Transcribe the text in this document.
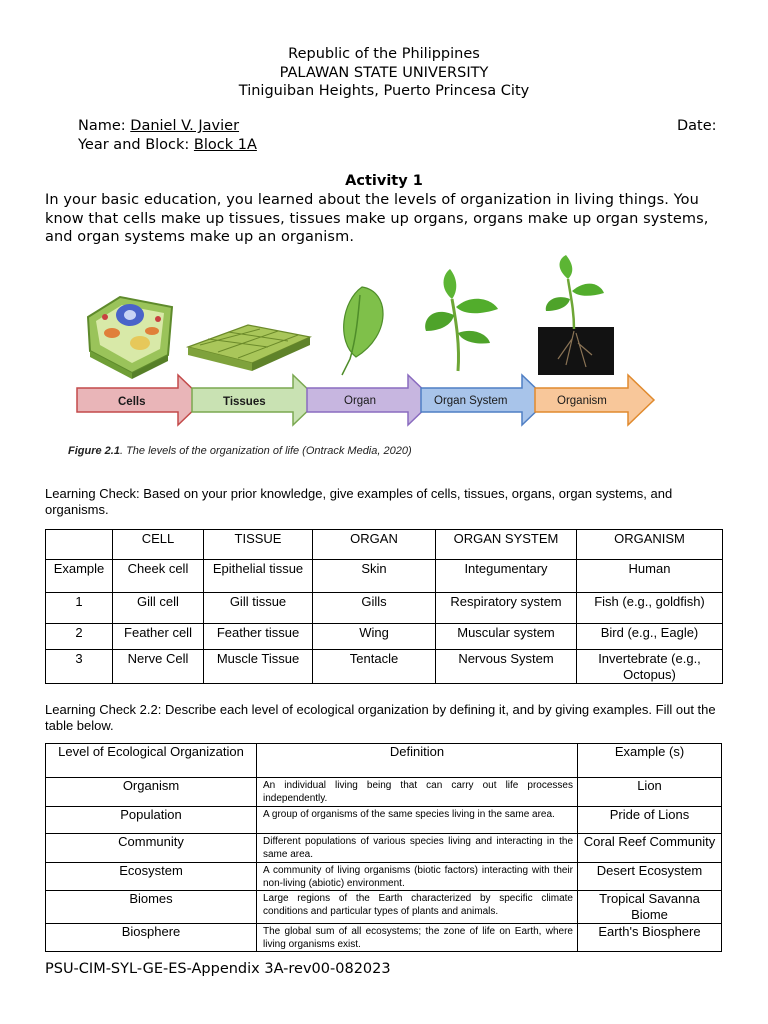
Republic of the Philippines
PALAWAN STATE UNIVERSITY
Tiniguiban Heights, Puerto Princesa City
Name: Daniel V. Javier	Date:
Year and Block: Block 1A
Activity 1
In your basic education, you learned about the levels of organization in living things. You know that cells make up tissues, tissues make up organs, organs make up organ systems, and organ systems make up an organism.
Cells	Tissues	Organ	Organ System	Organism
Figure 2.1. The levels of the organization of life (Ontrack Media, 2020)
Learning Check: Based on your prior knowledge, give examples of cells, tissues, organs, organ systems, and organisms.
	CELL	TISSUE	ORGAN	ORGAN SYSTEM	ORGANISM
Example	Cheek cell	Epithelial tissue	Skin	Integumentary	Human
1	Gill cell	Gill tissue	Gills	Respiratory system	Fish (e.g., goldfish)
2	Feather cell	Feather tissue	Wing	Muscular system	Bird (e.g., Eagle)
3	Nerve Cell	Muscle Tissue	Tentacle	Nervous System	Invertebrate (e.g., Octopus)
Learning Check 2.2: Describe each level of ecological organization by defining it, and by giving examples. Fill out the table below.
Level of Ecological Organization	Definition	Example (s)
Organism	An individual living being that can carry out life processes independently.	Lion
Population	A group of organisms of the same species living in the same area.	Pride of Lions
Community	Different populations of various species living and interacting in the same area.	Coral Reef Community
Ecosystem	A community of living organisms (biotic factors) interacting with their non-living (abiotic) environment.	Desert Ecosystem
Biomes	Large regions of the Earth characterized by specific climate conditions and particular types of plants and animals.	Tropical Savanna Biome
Biosphere	The global sum of all ecosystems; the zone of life on Earth, where living organisms exist.	Earth's Biosphere
PSU-CIM-SYL-GE-ES-Appendix 3A-rev00-082023
